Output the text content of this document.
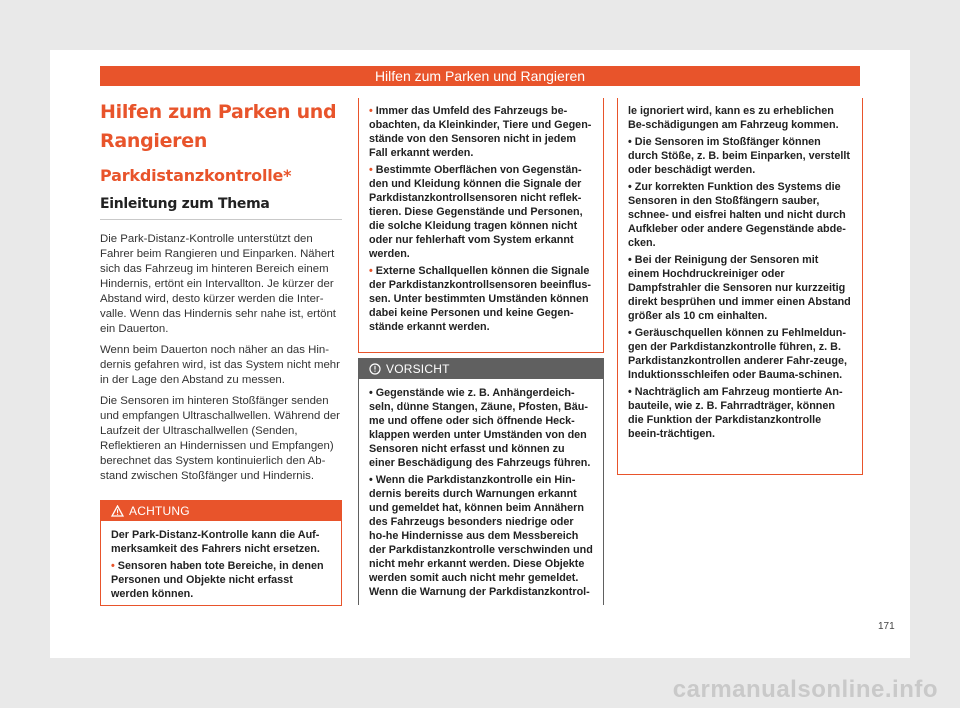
Hilfen zum Parken und Rangieren
Hilfen zum Parken und
Rangieren
Parkdistanzkontrolle*
Einleitung zum Thema

Die Park-Distanz-Kontrolle unterstützt den Fahrer beim Rangieren und Einparken. Nähert sich das Fahrzeug im hinteren Bereich einem Hindernis, ertönt ein Intervallton. Je kürzer der Abstand wird, desto kürzer werden die Inter-valle. Wenn das Hindernis sehr nahe ist, ertönt ein Dauerton.

Wenn beim Dauerton noch näher an das Hin-dernis gefahren wird, ist das System nicht mehr in der Lage den Abstand zu messen.

Die Sensoren im hinteren Stoßfänger senden und empfangen Ultraschallwellen. Während der Laufzeit der Ultraschallwellen (Senden, Reflektieren an Hindernissen und Empfangen) berechnet das System kontinuierlich den Ab-stand zwischen Stoßfänger und Hindernis.

ACHTUNG

Der Park-Distanz-Kontrolle kann die Auf-merksamkeit des Fahrers nicht ersetzen.

• Sensoren haben tote Bereiche, in denen Personen und Objekte nicht erfasst werden können.

• Immer das Umfeld des Fahrzeugs be-obachten, da Kleinkinder, Tiere und Gegen-stände von den Sensoren nicht in jedem Fall erkannt werden.

• Bestimmte Oberflächen von Gegenstän-den und Kleidung können die Signale der Parkdistanzkontrollsensoren nicht reflek-tieren. Diese Gegenstände und Personen, die solche Kleidung tragen können nicht oder nur fehlerhaft vom System erkannt werden.

• Externe Schallquellen können die Signale der Parkdistanzkontrollsensoren beeinflus-sen. Unter bestimmten Umständen können dabei keine Personen und keine Gegen-stände erkannt werden.

VORSICHT

• Gegenstände wie z. B. Anhängerdeich-seln, dünne Stangen, Zäune, Pfosten, Bäu-me und offene oder sich öffnende Heck-klappen werden unter Umständen von den Sensoren nicht erfasst und können zu einer Beschädigung des Fahrzeugs führen.

• Wenn die Parkdistanzkontrolle ein Hin-dernis bereits durch Warnungen erkannt und gemeldet hat, können beim Annähern des Fahrzeugs besonders niedrige oder ho-he Hindernisse aus dem Messbereich der Parkdistanzkontrolle verschwinden und nicht mehr erkannt werden. Diese Objekte werden somit auch nicht mehr gemeldet. Wenn die Warnung der Parkdistanzkontrol-

le ignoriert wird, kann es zu erheblichen Be-schädigungen am Fahrzeug kommen.

• Die Sensoren im Stoßfänger können durch Stöße, z. B. beim Einparken, verstellt oder beschädigt werden.

• Zur korrekten Funktion des Systems die Sensoren in den Stoßfängern sauber, schnee- und eisfrei halten und nicht durch Aufkleber oder andere Gegenstände abde-cken.

• Bei der Reinigung der Sensoren mit einem Hochdruckreiniger oder Dampfstrahler die Sensoren nur kurzzeitig direkt besprühen und immer einen Abstand größer als 10 cm einhalten.

• Geräuschquellen können zu Fehlmeldun-gen der Parkdistanzkontrolle führen, z. B. Parkdistanzkontrollen anderer Fahr-zeuge, Induktionsschleifen oder Bauma-schinen.

• Nachträglich am Fahrzeug montierte An-bauteile, wie z. B. Fahrradträger, können die Funktion der Parkdistanzkontrolle beein-trächtigen.

171
carmanualsonline.info
